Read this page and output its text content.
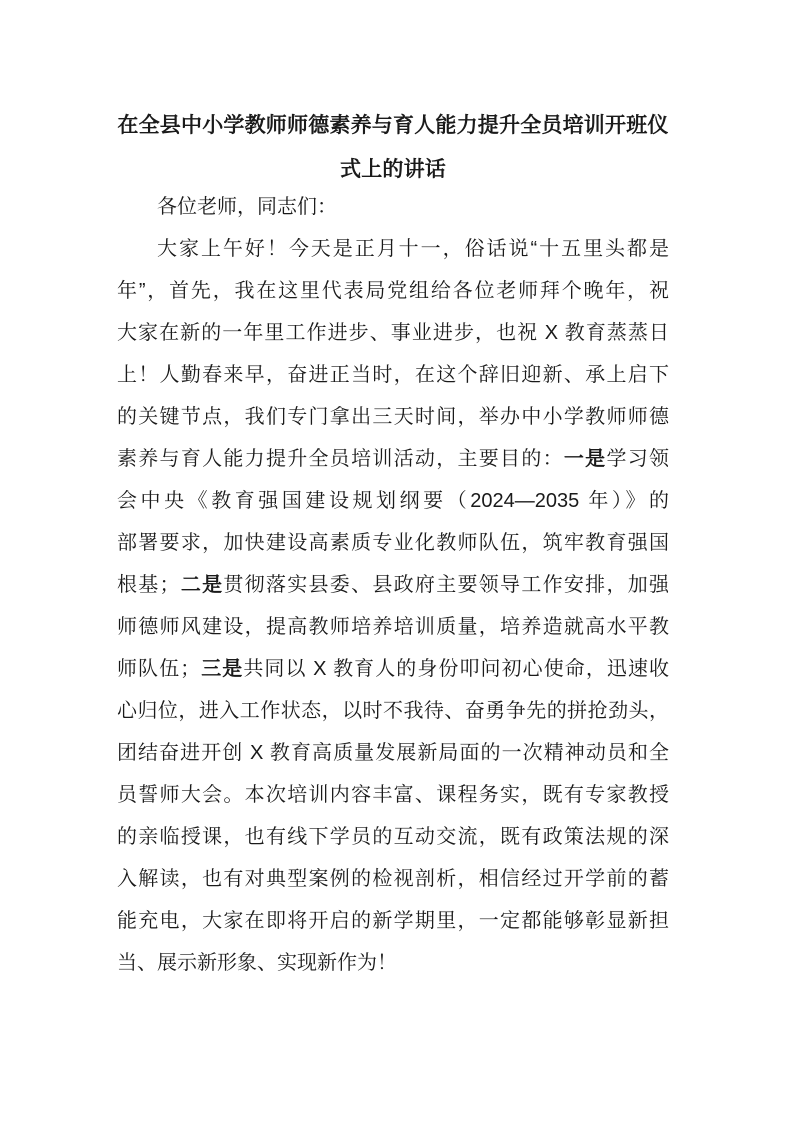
在全县中小学教师师德素养与育人能力提升全员培训开班仪
式上的讲话
各位老师，同志们：
大家上午好！今天是正月十一，俗话说“十五里头都是
年”，首先，我在这里代表局党组给各位老师拜个晚年，祝
大家在新的一年里工作进步、事业进步，也祝 X 教育蒸蒸日
上！人勤春来早，奋进正当时，在这个辞旧迎新、承上启下
的关键节点，我们专门拿出三天时间，举办中小学教师师德
素养与育人能力提升全员培训活动，主要目的：一是学习领
会中央《教育强国建设规划纲要（2024—2035 年）》的
部署要求，加快建设高素质专业化教师队伍，筑牢教育强国
根基；二是贯彻落实县委、县政府主要领导工作安排，加强
师德师风建设，提高教师培养培训质量，培养造就高水平教
师队伍；三是共同以 X 教育人的身份叩问初心使命，迅速收
心归位，进入工作状态，以时不我待、奋勇争先的拼抢劲头，
团结奋进开创 X 教育高质量发展新局面的一次精神动员和全
员誓师大会。本次培训内容丰富、课程务实，既有专家教授
的亲临授课，也有线下学员的互动交流，既有政策法规的深
入解读，也有对典型案例的检视剖析，相信经过开学前的蓄
能充电，大家在即将开启的新学期里，一定都能够彰显新担
当、展示新形象、实现新作为！
